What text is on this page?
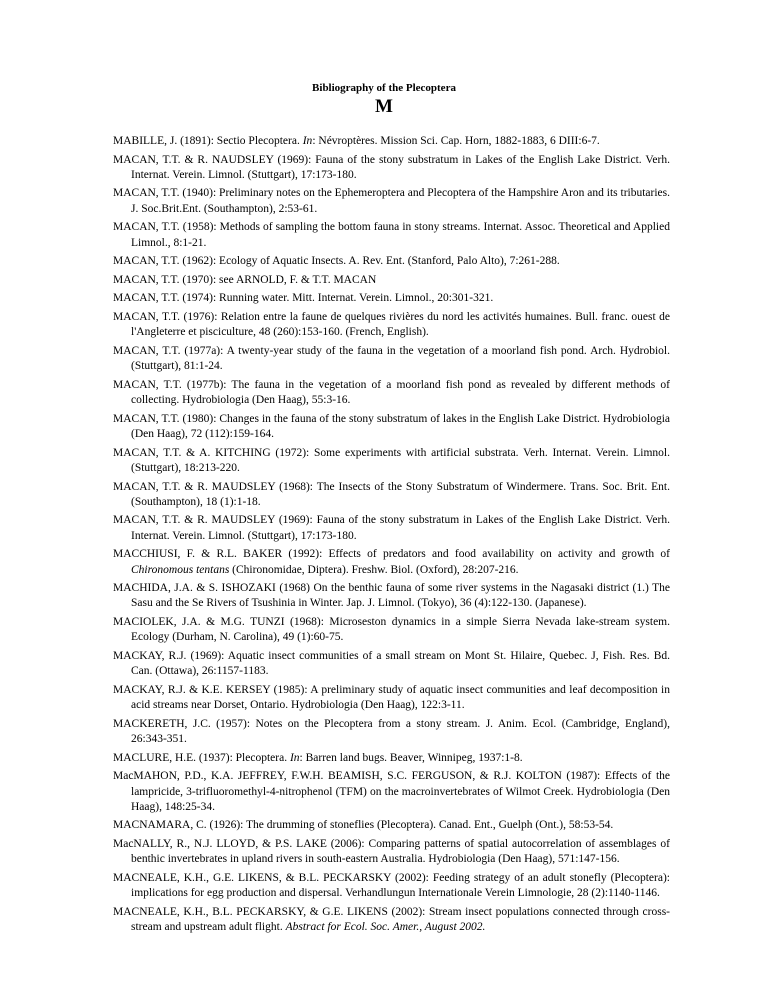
Bibliography of the Plecoptera
M

MABILLE, J. (1891): Sectio Plecoptera. In: Névroptères. Mission Sci. Cap. Horn, 1882-1883, 6 DIII:6-7.

MACAN, T.T. & R. NAUDSLEY (1969): Fauna of the stony substratum in Lakes of the English Lake District. Verh. Internat. Verein. Limnol. (Stuttgart), 17:173-180.

MACAN, T.T. (1940): Preliminary notes on the Ephemeroptera and Plecoptera of the Hampshire Aron and its tributaries. J. Soc.Brit.Ent. (Southampton), 2:53-61.

MACAN, T.T. (1958): Methods of sampling the bottom fauna in stony streams. Internat. Assoc. Theoretical and Applied Limnol., 8:1-21.

MACAN, T.T. (1962): Ecology of Aquatic Insects. A. Rev. Ent. (Stanford, Palo Alto), 7:261-288.

MACAN, T.T. (1970): see ARNOLD, F. & T.T. MACAN

MACAN, T.T. (1974): Running water. Mitt. Internat. Verein. Limnol., 20:301-321.

MACAN, T.T. (1976): Relation entre la faune de quelques rivières du nord les activités humaines. Bull. franc. ouest de l'Angleterre et pisciculture, 48 (260):153-160. (French, English).

MACAN, T.T. (1977a): A twenty-year study of the fauna in the vegetation of a moorland fish pond. Arch. Hydrobiol. (Stuttgart), 81:1-24.

MACAN, T.T. (1977b): The fauna in the vegetation of a moorland fish pond as revealed by different methods of collecting. Hydrobiologia (Den Haag), 55:3-16.

MACAN, T.T. (1980): Changes in the fauna of the stony substratum of lakes in the English Lake District. Hydrobiologia (Den Haag), 72 (112):159-164.

MACAN, T.T. & A. KITCHING (1972): Some experiments with artificial substrata. Verh. Internat. Verein. Limnol. (Stuttgart), 18:213-220.

MACAN, T.T. & R. MAUDSLEY (1968): The Insects of the Stony Substratum of Windermere. Trans. Soc. Brit. Ent. (Southampton), 18 (1):1-18.

MACAN, T.T. & R. MAUDSLEY (1969): Fauna of the stony substratum in Lakes of the English Lake District. Verh. Internat. Verein. Limnol. (Stuttgart), 17:173-180.

MACCHIUSI, F. & R.L. BAKER (1992): Effects of predators and food availability on activity and growth of Chironomous tentans (Chironomidae, Diptera). Freshw. Biol. (Oxford), 28:207-216.

MACHIDA, J.A. & S. ISHOZAKI (1968) On the benthic fauna of some river systems in the Nagasaki district (1.) The Sasu and the Se Rivers of Tsushinia in Winter. Jap. J. Limnol. (Tokyo), 36 (4):122-130. (Japanese).

MACIOLEK, J.A. & M.G. TUNZI (1968): Microseston dynamics in a simple Sierra Nevada lake-stream system. Ecology (Durham, N. Carolina), 49 (1):60-75.

MACKAY, R.J. (1969): Aquatic insect communities of a small stream on Mont St. Hilaire, Quebec. J, Fish. Res. Bd. Can. (Ottawa), 26:1157-1183.

MACKAY, R.J. & K.E. KERSEY (1985): A preliminary study of aquatic insect communities and leaf decomposition in acid streams near Dorset, Ontario. Hydrobiologia (Den Haag), 122:3-11.

MACKERETH, J.C. (1957): Notes on the Plecoptera from a stony stream. J. Anim. Ecol. (Cambridge, England), 26:343-351.

MACLURE, H.E. (1937): Plecoptera. In: Barren land bugs. Beaver, Winnipeg, 1937:1-8.

MacMAHON, P.D., K.A. JEFFREY, F.W.H. BEAMISH, S.C. FERGUSON, & R.J. KOLTON (1987): Effects of the lampricide, 3-trifluoromethyl-4-nitrophenol (TFM) on the macroinvertebrates of Wilmot Creek. Hydrobiologia (Den Haag), 148:25-34.

MACNAMARA, C. (1926): The drumming of stoneflies (Plecoptera). Canad. Ent., Guelph (Ont.), 58:53-54.

MacNALLY, R., N.J. LLOYD, & P.S. LAKE (2006): Comparing patterns of spatial autocorrelation of assemblages of benthic invertebrates in upland rivers in south-eastern Australia. Hydrobiologia (Den Haag), 571:147-156.

MACNEALE, K.H., G.E. LIKENS, & B.L. PECKARSKY (2002): Feeding strategy of an adult stonefly (Plecoptera): implications for egg production and dispersal. Verhandlungun Internationale Verein Limnologie, 28 (2):1140-1146.

MACNEALE, K.H., B.L. PECKARSKY, & G.E. LIKENS (2002): Stream insect populations connected through cross-stream and upstream adult flight. Abstract for Ecol. Soc. Amer., August 2002.
